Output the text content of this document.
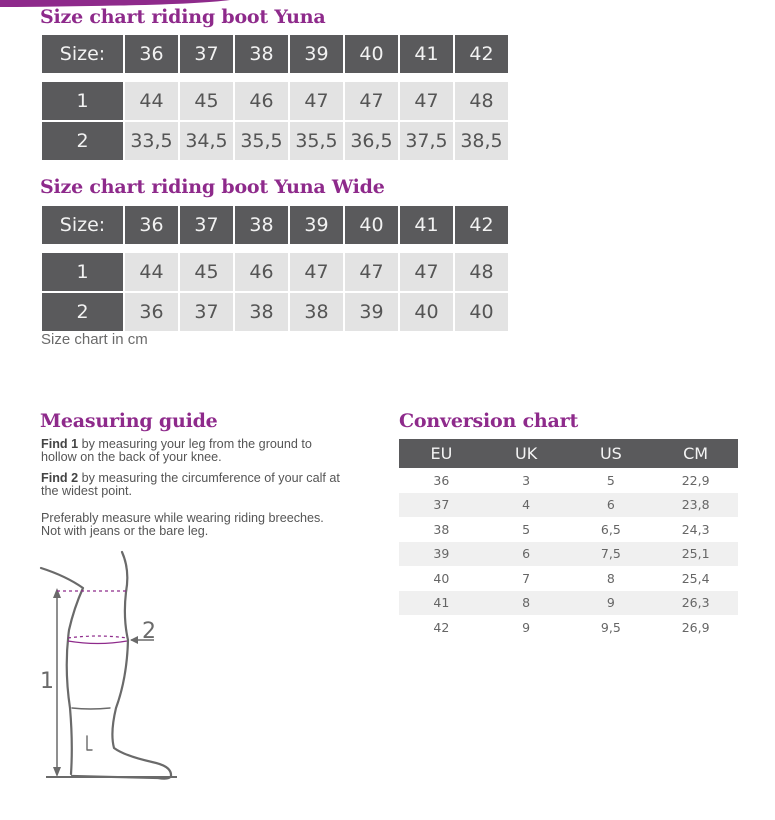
Size chart riding boot Yuna
Size:	36	37	38	39	40	41	42

1	44	45	46	47	47	47	48
2	33,5	34,5	35,5	35,5	36,5	37,5	38,5
Size chart riding boot Yuna Wide
Size:	36	37	38	39	40	41	42

1	44	45	46	47	47	47	48
2	36	37	38	38	39	40	40
Size chart in cm
Measuring guide

Find 1 by measuring your leg from the ground to hollow on the back of your knee.

Find 2 by measuring the circumference of your calf at the widest point.

Preferably measure while wearing riding breeches. Not with jeans or the bare leg.

1
2
Conversion chart
EU	UK	US	CM
36	3	5	22,9
37	4	6	23,8
38	5	6,5	24,3
39	6	7,5	25,1
40	7	8	25,4
41	8	9	26,3
42	9	9,5	26,9
